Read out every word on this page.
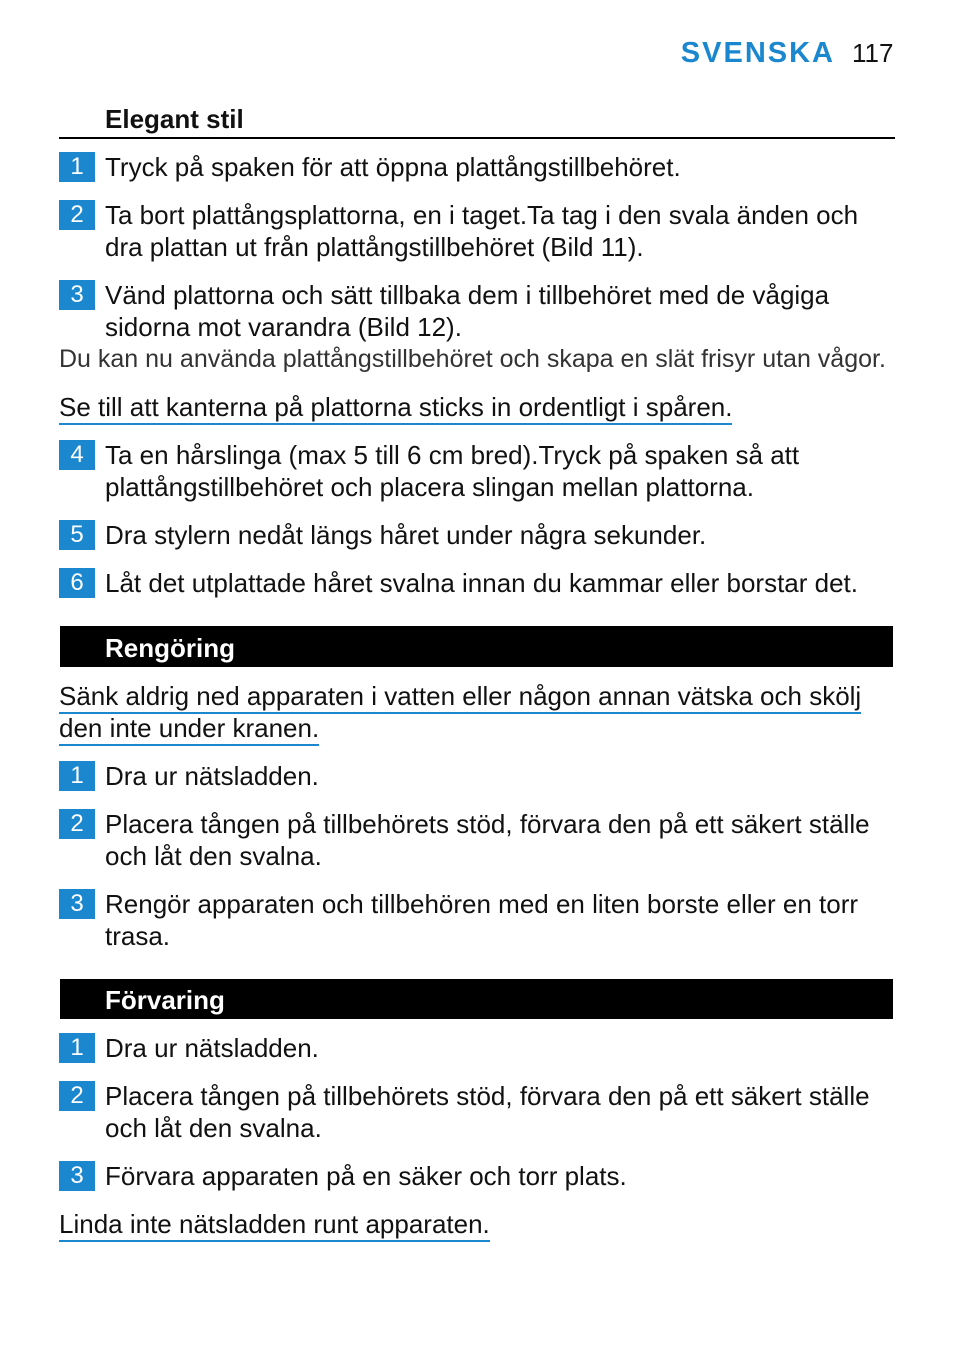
SVENSKA 117
Elegant stil
1 Tryck på spaken för att öppna plattångstillbehöret.
2 Ta bort plattångsplattorna, en i taget.Ta tag i den svala änden och
dra plattan ut från plattångstillbehöret (Bild 11).
3 Vänd plattorna och sätt tillbaka dem i tillbehöret med de vågiga
sidorna mot varandra (Bild 12).
Du kan nu använda plattångstillbehöret och skapa en slät frisyr utan vågor.
Se till att kanterna på plattorna sticks in ordentligt i spåren.
4 Ta en hårslinga (max 5 till 6 cm bred).Tryck på spaken så att
plattångstillbehöret och placera slingan mellan plattorna.
5 Dra stylern nedåt längs håret under några sekunder.
6 Låt det utplattade håret svalna innan du kammar eller borstar det.
Rengöring
Sänk aldrig ned apparaten i vatten eller någon annan vätska och skölj
den inte under kranen.
1 Dra ur nätsladden.
2 Placera tången på tillbehörets stöd, förvara den på ett säkert ställe
och låt den svalna.
3 Rengör apparaten och tillbehören med en liten borste eller en torr
trasa.
Förvaring
1 Dra ur nätsladden.
2 Placera tången på tillbehörets stöd, förvara den på ett säkert ställe
och låt den svalna.
3 Förvara apparaten på en säker och torr plats.
Linda inte nätsladden runt apparaten.
